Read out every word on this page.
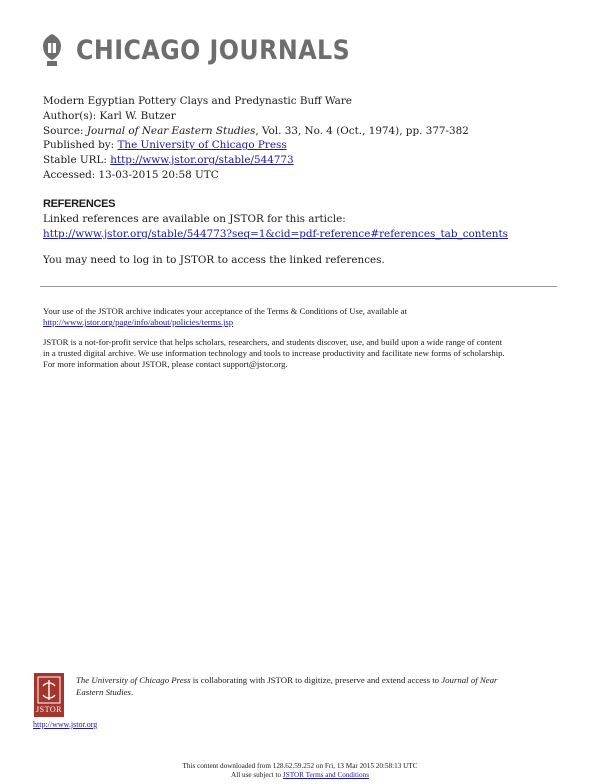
CHICAGO JOURNALS
Modern Egyptian Pottery Clays and Predynastic Buff Ware
Author(s): Karl W. Butzer
Source: Journal of Near Eastern Studies, Vol. 33, No. 4 (Oct., 1974), pp. 377-382
Published by: The University of Chicago Press
Stable URL: http://www.jstor.org/stable/544773
Accessed: 13-03-2015 20:58 UTC
REFERENCES
Linked references are available on JSTOR for this article:
http://www.jstor.org/stable/544773?seq=1&cid=pdf-reference#references_tab_contents
You may need to log in to JSTOR to access the linked references.
Your use of the JSTOR archive indicates your acceptance of the Terms & Conditions of Use, available at
http://www.jstor.org/page/info/about/policies/terms.jsp
JSTOR is a not-for-profit service that helps scholars, researchers, and students discover, use, and build upon a wide range of content
in a trusted digital archive. We use information technology and tools to increase productivity and facilitate new forms of scholarship.
For more information about JSTOR, please contact support@jstor.org.
JSTOR
The University of Chicago Press is collaborating with JSTOR to digitize, preserve and extend access to Journal of Near
Eastern Studies.
http://www.jstor.org
This content downloaded from 128.62.59.252 on Fri, 13 Mar 2015 20:58:13 UTC
All use subject to JSTOR Terms and Conditions
